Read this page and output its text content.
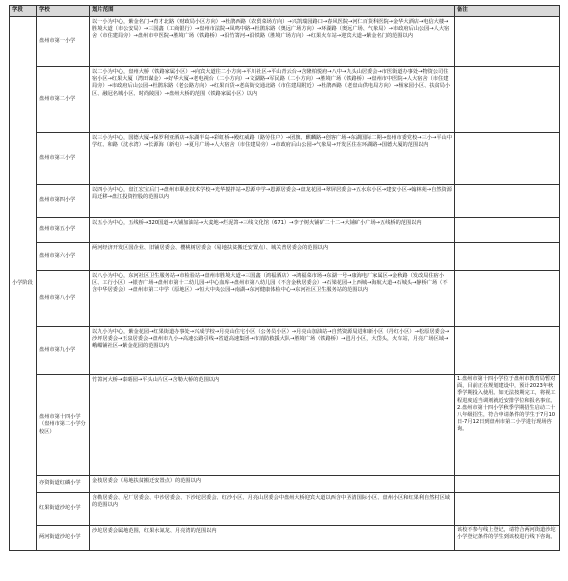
学段	学校	划片范围	备注
小学阶段	盘州市第一小学	以一小为中心，紫金名门→育才北路（财政局小区方向）→杜鹃西路（农贸菜场方向）→兴凯瑞园路口→春风医院→河仁百货科医院→金华大酒店→电信大楼→胜境大道（市公安局）→三国鑫（工商银行）→盘州市法院→凤鸣中路→杜鹃东路（奥远广场方向）→环湖路（奥远广场、气象局）→市政府后山公园→人大宿舍（市住建局旁）→盘州市中医院→胜境广场（铁路桥）→沿竹箐河→沿铁路（胜境广场方向）→红果火车站→迎宾大道→紫金名门的范围以内	
	盘州市第二小学	以二小为中心，盘州大桥（铁路家属小区）→向宾大道往二小方向→平川社区→平山青云台→含隆柏悦府→八中→九头山居委会→市医街道办事处→物资公司住宿小区→红果大厦（湾田谋金）→好华大厦→老电视台（二小方向）→文湖路→军民路（二小方向）→胜境广场（铁路桥）→盘州市中医院→人大宿舍（市住建局旁）→市政府后山公园→杜鹃东路（老公路方向）→红果百货→老高街交通北路（市住建局附近）→杜鹃西路（老盘山供电局方向）→杨家园小区、扶贫局小区、融冠名城小区、时尚陵园）→盘州大桥的范围（铁路家属小区）以内	
	盘州市第三小学	以三小为中心，国德大厦→保罗利亚酒店→东湖半岛→彩虹桥→殿红威路（路劳住户）→团旗、麒麟路→创客广场→东湖国际二期→盘州市委党校→三小→平山中学红、和路（沈水湾）→长源海（新屯）→夏月广场→人大宿舍（市住建局旁）→市政府后山公园→气象局→开发区住在环湖路→国德大厦的范围以内	
	盘州市第四小学	以四小为中心，盘江宏宝后门→盘州市职业技术学校→光华搅拌站→思源中学→恩源居委会→盘龙花园→翠屏居委会→五水东小区→建安小区→翰林苑→自然资源局迁移→盘江投资控股的范围以内	
	盘州市第五小学	以五小为中心，五线桥→320国道→大铺加油站→大麦地→烂泥箐→三线文化馆（671）→李子树火铺矿二十二→大铺矿小广场→五线桥的范围以内	
	盘州市第六小学	两河经济开发区国企业、旧铺居委会、樱桃树居委会（易地扶贫搬迁安置点）、城关普居委会的范围以内	
	盘州市第八小学	以八小为中心，东河社区卫生服务站→市检验站→盘州市胜境大道→三国鑫（鸿福酒店）→鸿福菜市场→东湖一号→康海电厂家属区→金秋路（发改局住宿小区、工行小区）→银杏广场→盘州市第十二幼儿园→中心血库→盘州市第八幼儿园（不含金秋居委会）→石梁花园→上西城→海航大道→石城头→静桥广场（不含中华居委会）→盘州市第二中学（原地区）→恒大中央公园→南湖→东河健康体检中心→东河社区卫生服务站的范围以内	
	盘州市第九小学	以九小为中心，紫金花园→红果街道办事处→兴成学校→月亮山住宅小区（公务员小区）→月亮山加油站→自然资源局进和新小区（丹红小区）→松原居委会→沙坪居委会→玉泉居委会→盘州市九小→高速公路引线→省道高速集团→市消防救援大队→胜境广场（铁路桥）→邕月小区，大岱头，火车站，月亮广场区域→峨嵋铺社区→紫金花园的范围以内	
	盘州市第十四小学（盘州市第二小学分校区）	竹箐河大桥→泰晤园→平头山片区→含勒大桥的范围以内	1.盘州市第十四小学位于盘州市教育局暂对面，目前正在规划建设中，预计2023年秋季学期投入使用。如无法按期完工，将视工程进度适当调剂就近安排学位和报名事宜。
2.盘州市第十四小学秋季学期招生启动二十八年级招生，符合申请条件的学生于7月10日-7月12日到盘州市第二小学进行现场咨询。
	亦资街道红磷小学	金枝居委会（易地扶贫搬迁安置点）的范围以内	
	红果街道沙坨小学	含勒居委会、尼厂居委会、中沙居委会、下沙坨居委会、红沙小区、月亮山居委会中盘州大桥迎宾大道以西含中圣清国际小区、盘州小区和红果利自然村区域的范围以内	
	两河街道沙坨小学	沙坨居委会属地范围，红果水氮龙、月亮湾的范围以内	该校不参与线上登记，请符合两河街道沙坨小学登记条件的学生到该校进行线下咨询。
